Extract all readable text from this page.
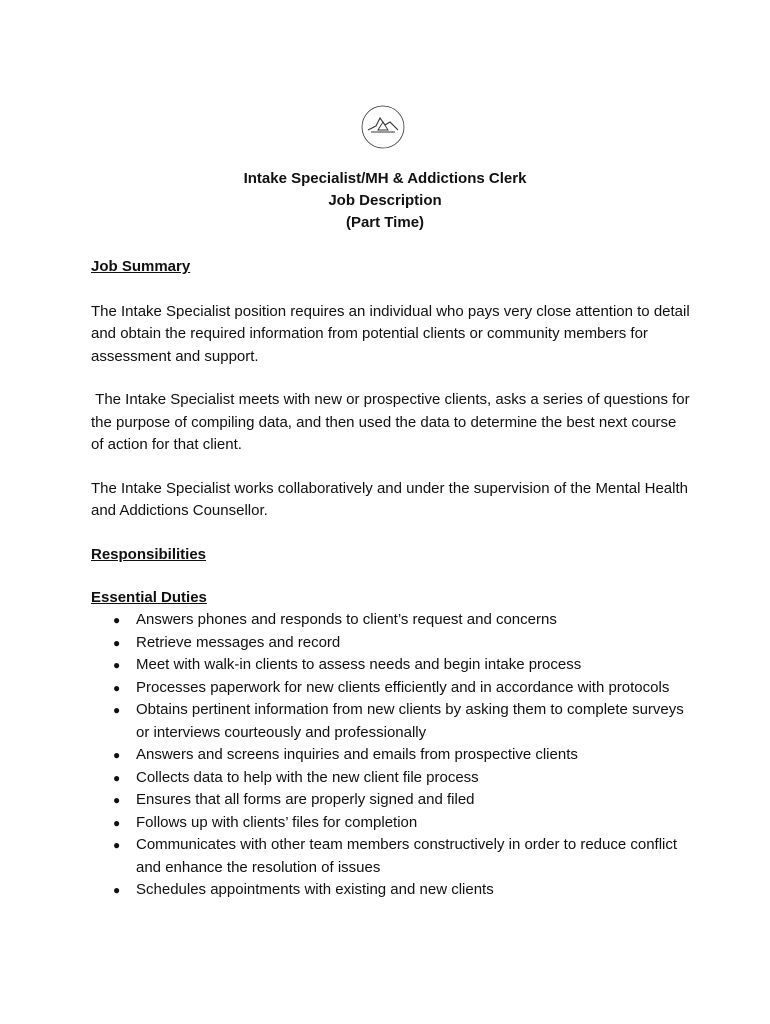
· · ·
· · ·
Intake Specialist/MH & Addictions Clerk
Job Description
(Part Time)

Job Summary

The Intake Specialist position requires an individual who pays very close attention to detail and obtain the required information from potential clients or community members for assessment and support.

The Intake Specialist meets with new or prospective clients, asks a series of questions for the purpose of compiling data, and then used the data to determine the best next course of action for that client.

The Intake Specialist works collaboratively and under the supervision of the Mental Health and Addictions Counsellor.

Responsibilities

Essential Duties

● Answers phones and responds to client’s request and concerns
● Retrieve messages and record
● Meet with walk-in clients to assess needs and begin intake process
● Processes paperwork for new clients efficiently and in accordance with protocols
● Obtains pertinent information from new clients by asking them to complete surveys or interviews courteously and professionally
● Answers and screens inquiries and emails from prospective clients
● Collects data to help with the new client file process
● Ensures that all forms are properly signed and filed
● Follows up with clients’ files for completion
● Communicates with other team members constructively in order to reduce conflict and enhance the resolution of issues
● Schedules appointments with existing and new clients
